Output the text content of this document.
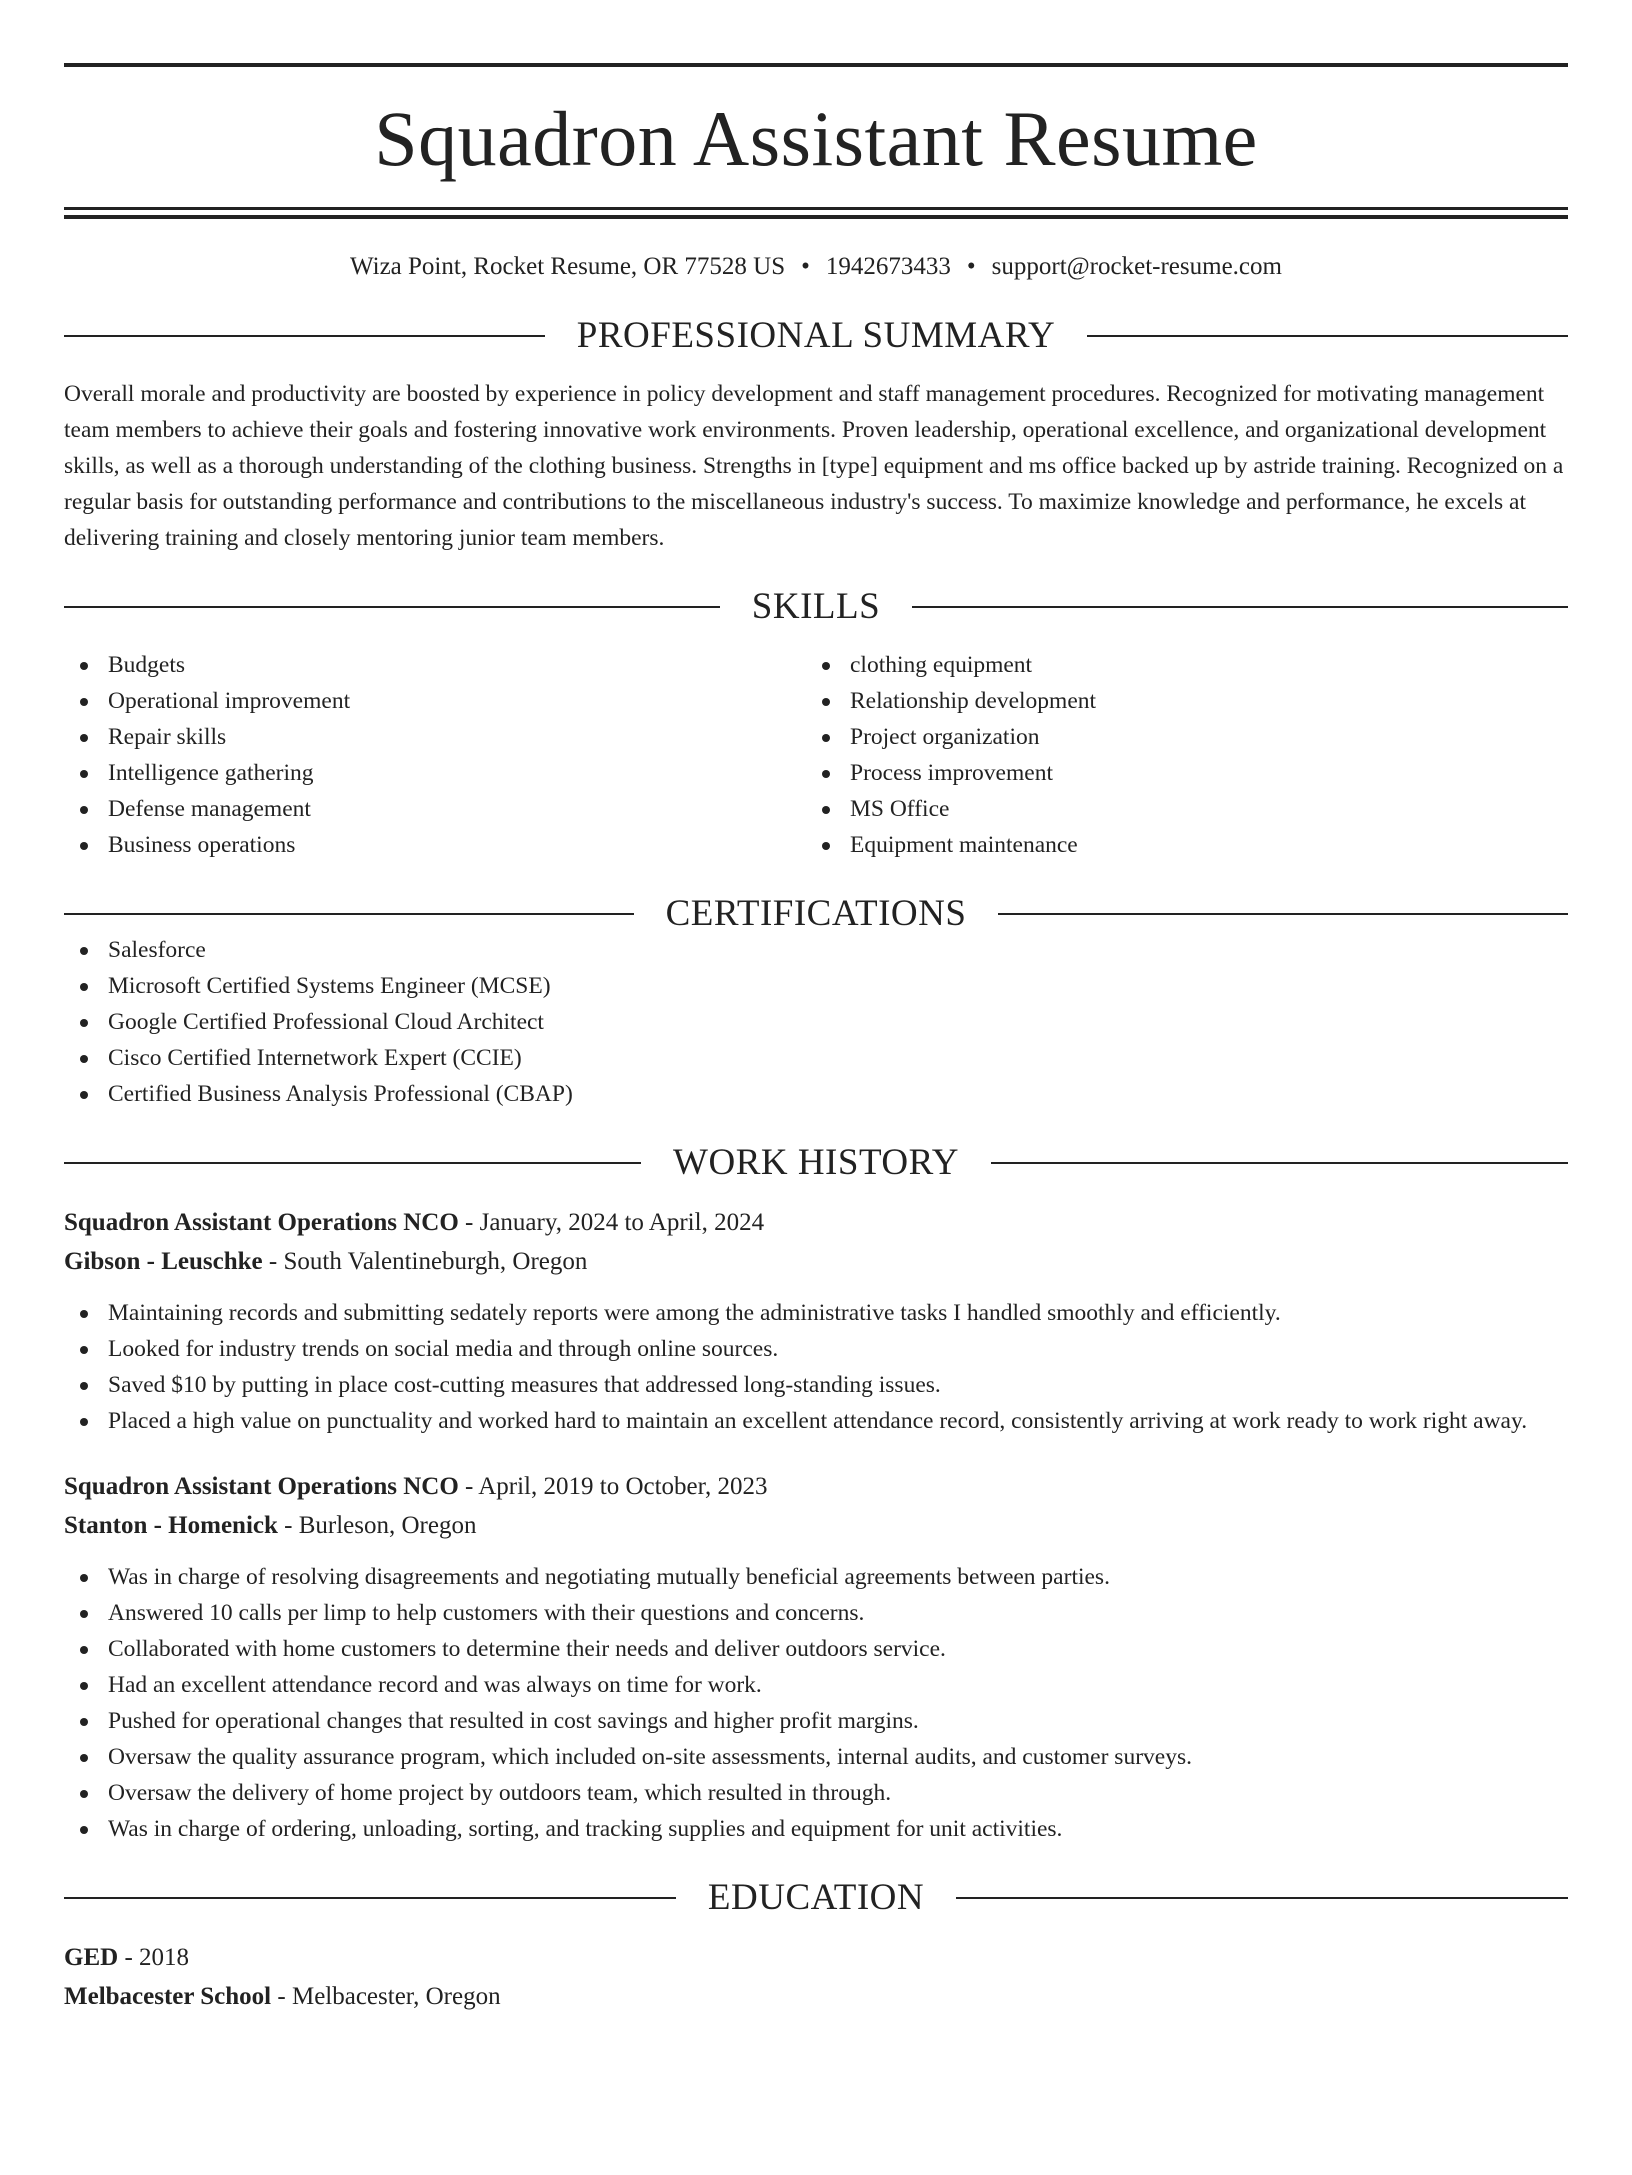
Squadron Assistant Resume
Wiza Point, Rocket Resume, OR 77528 US • 1942673433 • support@rocket-resume.com
PROFESSIONAL SUMMARY
Overall morale and productivity are boosted by experience in policy development and staff management procedures. Recognized for motivating management team members to achieve their goals and fostering innovative work environments. Proven leadership, operational excellence, and organizational development skills, as well as a thorough understanding of the clothing business. Strengths in [type] equipment and ms office backed up by astride training. Recognized on a regular basis for outstanding performance and contributions to the miscellaneous industry's success. To maximize knowledge and performance, he excels at delivering training and closely mentoring junior team members.
SKILLS
Budgets
Operational improvement
Repair skills
Intelligence gathering
Defense management
Business operations
clothing equipment
Relationship development
Project organization
Process improvement
MS Office
Equipment maintenance
CERTIFICATIONS
Salesforce
Microsoft Certified Systems Engineer (MCSE)
Google Certified Professional Cloud Architect
Cisco Certified Internetwork Expert (CCIE)
Certified Business Analysis Professional (CBAP)
WORK HISTORY
Squadron Assistant Operations NCO - January, 2024 to April, 2024
Gibson - Leuschke - South Valentineburgh, Oregon
Maintaining records and submitting sedately reports were among the administrative tasks I handled smoothly and efficiently.
Looked for industry trends on social media and through online sources.
Saved $10 by putting in place cost-cutting measures that addressed long-standing issues.
Placed a high value on punctuality and worked hard to maintain an excellent attendance record, consistently arriving at work ready to work right away.
Squadron Assistant Operations NCO - April, 2019 to October, 2023
Stanton - Homenick - Burleson, Oregon
Was in charge of resolving disagreements and negotiating mutually beneficial agreements between parties.
Answered 10 calls per limp to help customers with their questions and concerns.
Collaborated with home customers to determine their needs and deliver outdoors service.
Had an excellent attendance record and was always on time for work.
Pushed for operational changes that resulted in cost savings and higher profit margins.
Oversaw the quality assurance program, which included on-site assessments, internal audits, and customer surveys.
Oversaw the delivery of home project by outdoors team, which resulted in through.
Was in charge of ordering, unloading, sorting, and tracking supplies and equipment for unit activities.
EDUCATION
GED - 2018
Melbacester School - Melbacester, Oregon
